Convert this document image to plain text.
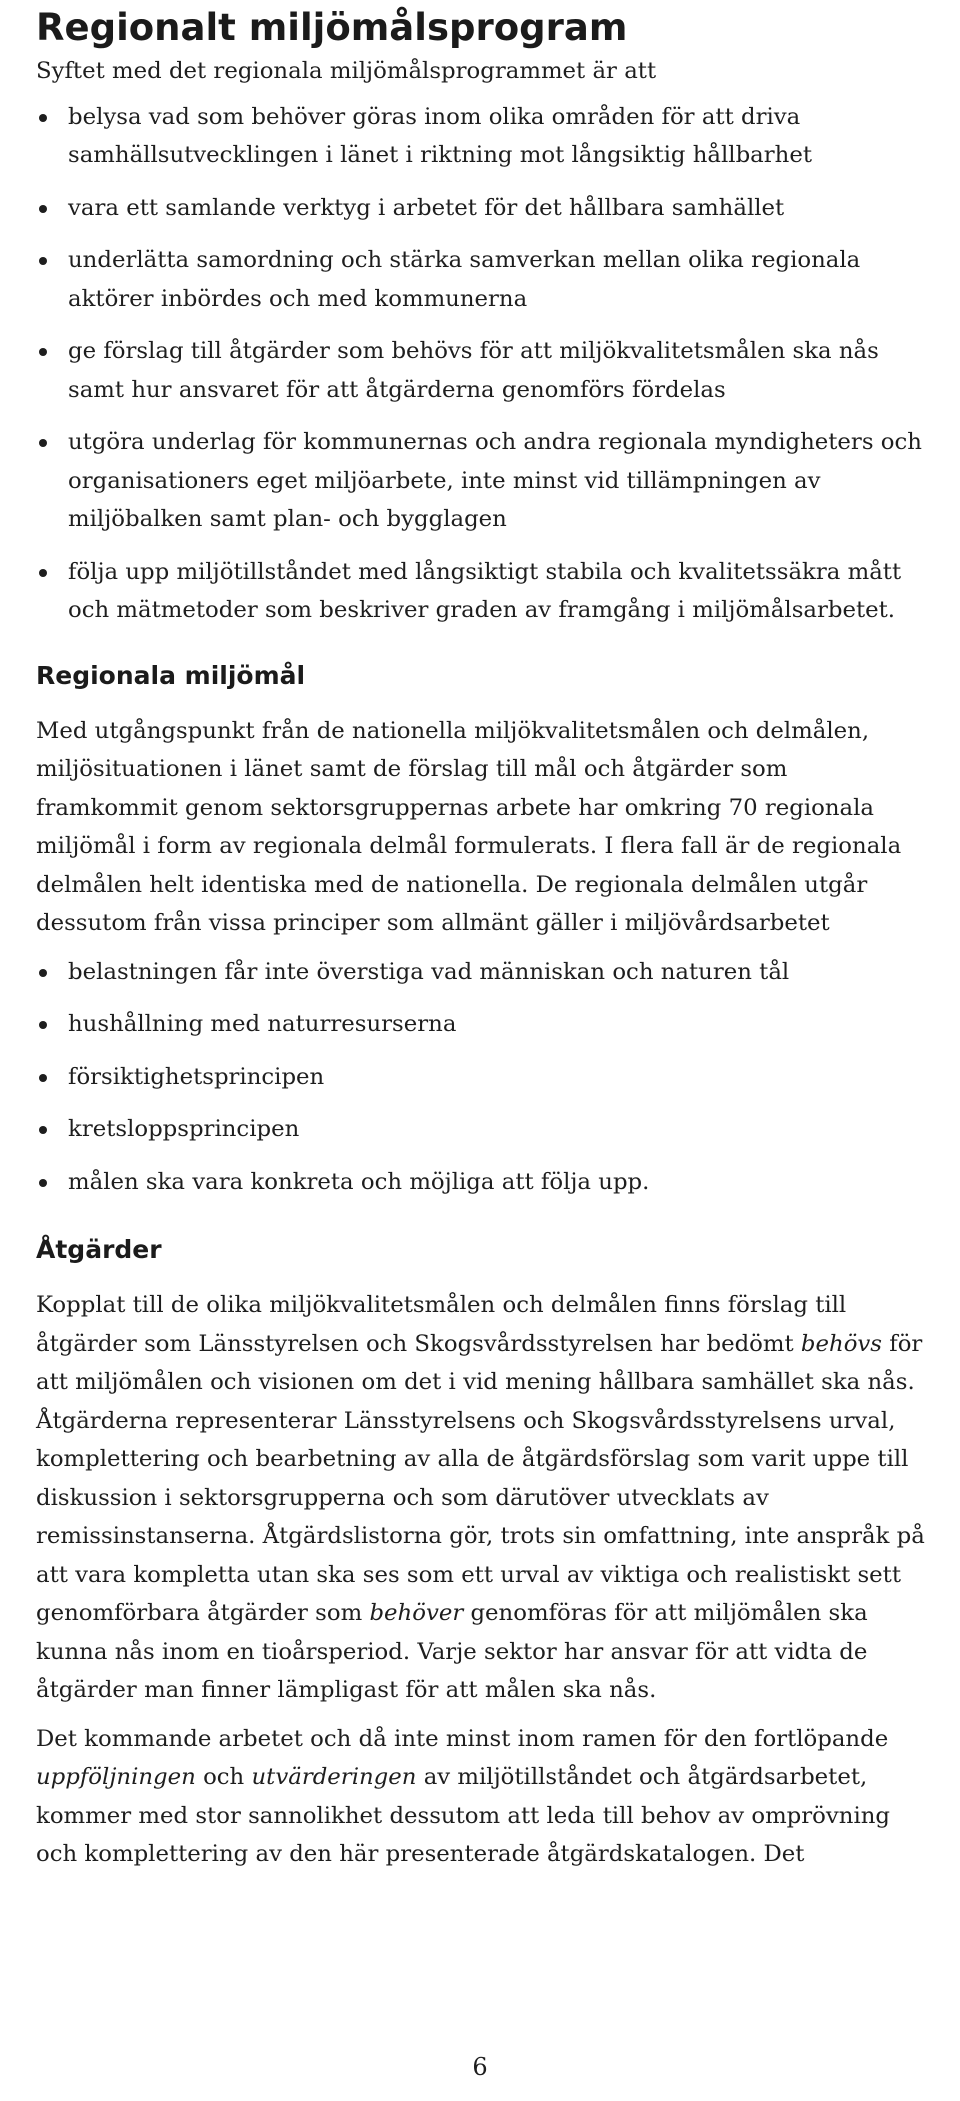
Regionalt miljömålsprogram

Syftet med det regionala miljömålsprogrammet är att

belysa vad som behöver göras inom olika områden för att driva samhällsutvecklingen i länet i riktning mot långsiktig hållbarhet
vara ett samlande verktyg i arbetet för det hållbara samhället
underlätta samordning och stärka samverkan mellan olika regionala aktörer inbördes och med kommunerna
ge förslag till åtgärder som behövs för att miljökvalitetsmålen ska nås samt hur ansvaret för att åtgärderna genomförs fördelas
utgöra underlag för kommunernas och andra regionala myndigheters och organisationers eget miljöarbete, inte minst vid tillämpningen av miljöbalken samt plan- och bygglagen
följa upp miljötillståndet med långsiktigt stabila och kvalitetssäkra mått och mätmetoder som beskriver graden av framgång i miljömålsarbetet.
Regionala miljömål

Med utgångspunkt från de nationella miljökvalitetsmålen och delmålen, miljösituationen i länet samt de förslag till mål och åtgärder som framkommit genom sektorsgruppernas arbete har omkring 70 regionala miljömål i form av regionala delmål formulerats. I flera fall är de regionala delmålen helt identiska med de nationella. De regionala delmålen utgår dessutom från vissa principer som allmänt gäller i miljövårdsarbetet

belastningen får inte överstiga vad människan och naturen tål
hushållning med naturresurserna
försiktighetsprincipen
kretsloppsprincipen
målen ska vara konkreta och möjliga att följa upp.
Åtgärder

Kopplat till de olika miljökvalitetsmålen och delmålen finns förslag till åtgärder som Länsstyrelsen och Skogsvårdsstyrelsen har bedömt behövs för att miljömålen och visionen om det i vid mening hållbara samhället ska nås. Åtgärderna representerar Länsstyrelsens och Skogsvårdsstyrelsens urval, komplettering och bearbetning av alla de åtgärdsförslag som varit uppe till diskussion i sektorsgrupperna och som därutöver utvecklats av remissinstanserna. Åtgärdslistorna gör, trots sin omfattning, inte anspråk på att vara kompletta utan ska ses som ett urval av viktiga och realistiskt sett genomförbara åtgärder som behöver genomföras för att miljömålen ska kunna nås inom en tioårsperiod. Varje sektor har ansvar för att vidta de åtgärder man finner lämpligast för att målen ska nås.

Det kommande arbetet och då inte minst inom ramen för den fortlöpande uppföljningen och utvärderingen av miljötillståndet och åtgärdsarbetet, kommer med stor sannolikhet dessutom att leda till behov av omprövning och komplettering av den här presenterade åtgärdskatalogen. Det

6
